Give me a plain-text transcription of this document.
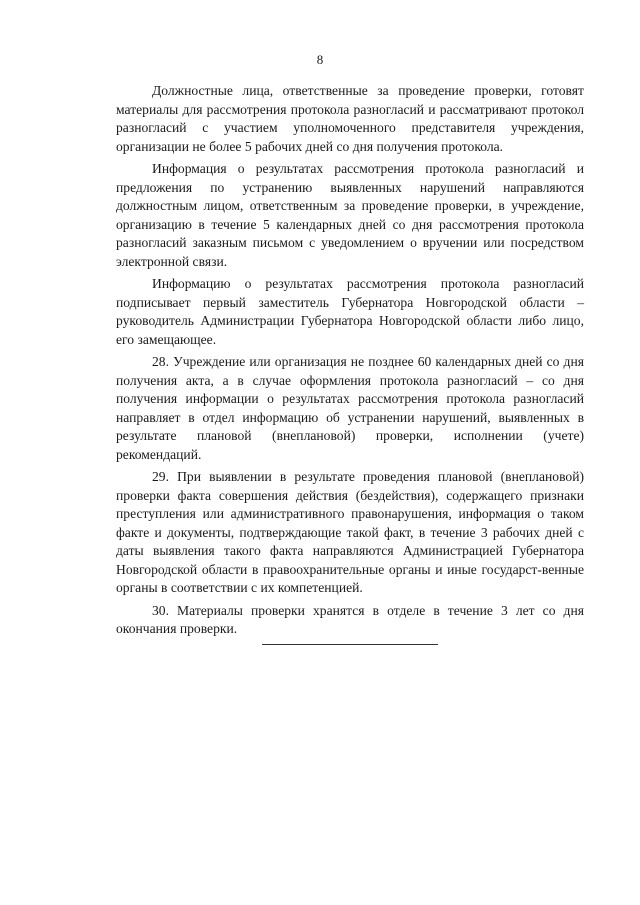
8

Должностные лица, ответственные за проведение проверки, готовят материалы для рассмотрения протокола разногласий и рассматривают протокол разногласий с участием уполномоченного представителя учреждения, организации не более 5 рабочих дней со дня получения протокола.

Информация о результатах рассмотрения протокола разногласий и предложения по устранению выявленных нарушений направляются должностным лицом, ответственным за проведение проверки, в учреждение, организацию в течение 5 календарных дней со дня рассмотрения протокола разногласий заказным письмом с уведомлением о вручении или посредством электронной связи.

Информацию о результатах рассмотрения протокола разногласий подписывает первый заместитель Губернатора Новгородской области – руководитель Администрации Губернатора Новгородской области либо лицо, его замещающее.

28. Учреждение или организация не позднее 60 календарных дней со дня получения акта, а в случае оформления протокола разногласий – со дня получения информации о результатах рассмотрения протокола разногласий направляет в отдел информацию об устранении нарушений, выявленных в результате плановой (внеплановой) проверки, исполнении (учете) рекомендаций.

29. При выявлении в результате проведения плановой (внеплановой) проверки факта совершения действия (бездействия), содержащего признаки преступления или административного правонарушения, информация о таком факте и документы, подтверждающие такой факт, в течение 3 рабочих дней с даты выявления такого факта направляются Администрацией Губернатора Новгородской области в правоохранительные органы и иные государст-венные органы в соответствии с их компетенцией.

30. Материалы проверки хранятся в отделе в течение 3 лет со дня окончания проверки.
